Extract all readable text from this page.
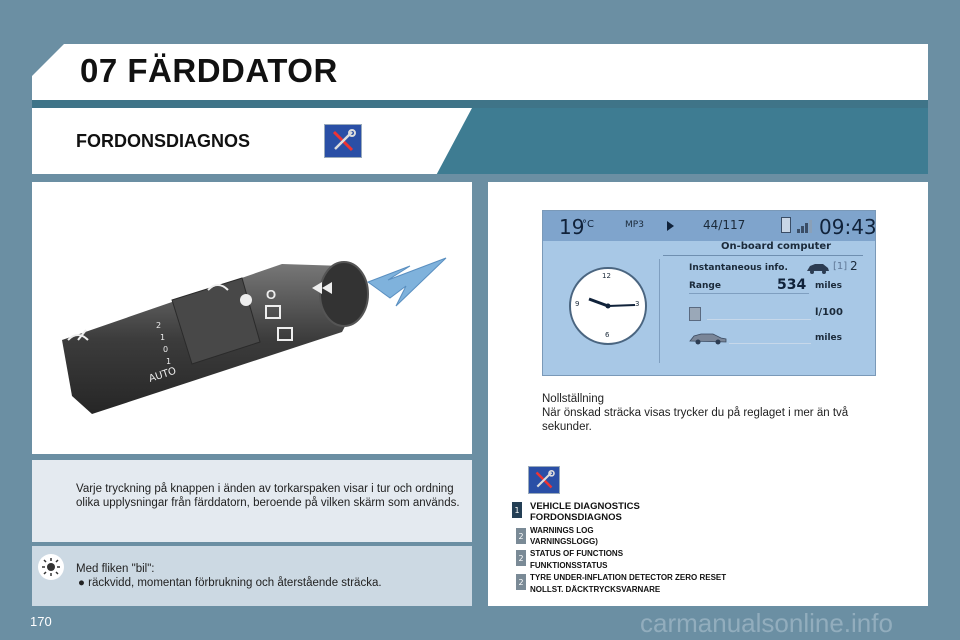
07 FÄRDDATOR
FORDONSDIAGNOS
O
2
1
0
1
AUTO
Varje tryckning på knappen i änden av torkarspaken visar i tur och ordning olika upplysningar från färddatorn, beroende på vilken skärm som används.
Med fliken "bil":
● räckvidd, momentan förbrukning och återstående sträcka.
19
°C	MP3	44/117	09:43
On-board computer
12
3
6
9
Instantaneous info.	[1] 2
Range	534 miles
l/100
miles
Nollställning
När önskad sträcka visas trycker du på reglaget i mer än två sekunder.
1 VEHICLE DIAGNOSTICS
FORDONSDIAGNOS
2
WARNINGS LOG
VARNINGSLOGG)
2 STATUS OF FUNCTIONS
FUNKTIONSSTATUS
2 TYRE UNDER-INFLATION DETECTOR ZERO RESET
NOLLST. DÄCKTRYCKSVARNARE
170	carmanualsonline.info
